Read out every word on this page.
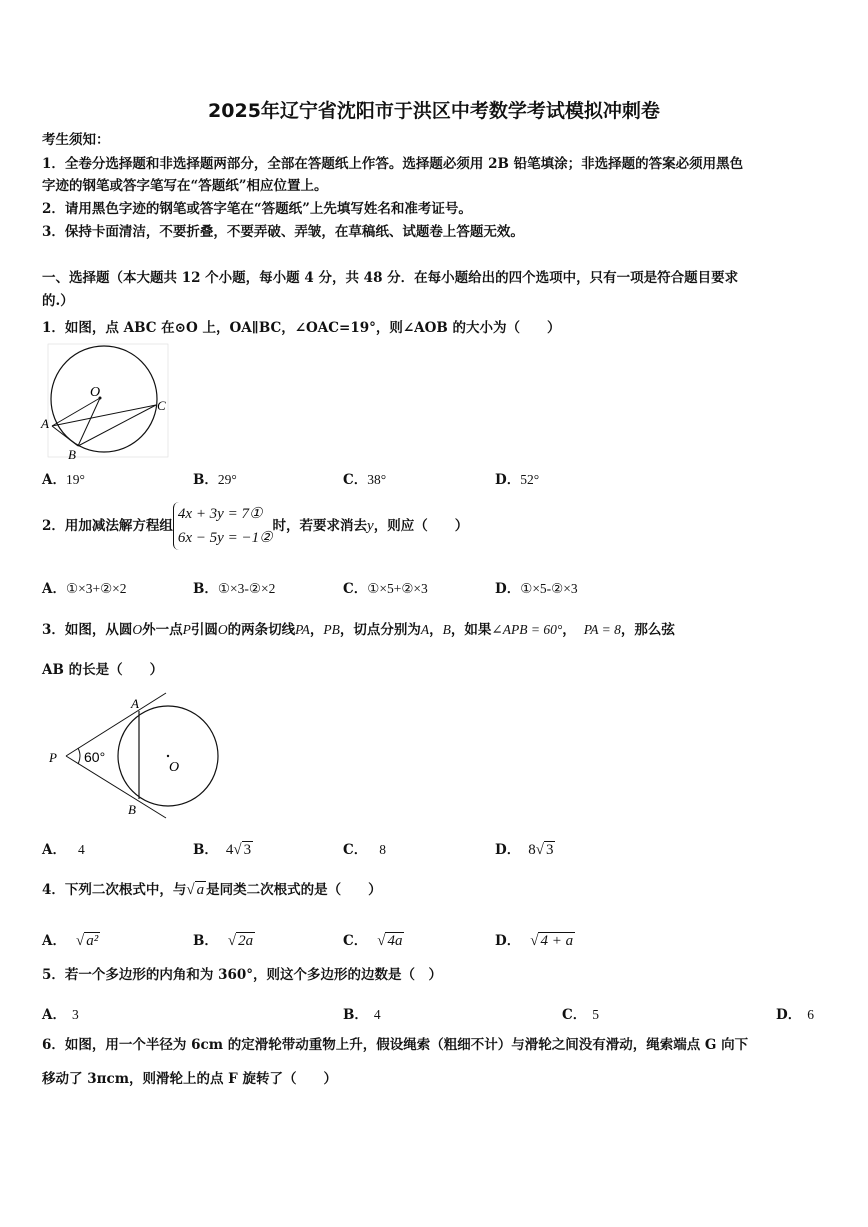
2025年辽宁省沈阳市于洪区中考数学考试模拟冲刺卷
考生须知：
1．全卷分选择题和非选择题两部分，全部在答题纸上作答。选择题必须用 2B 铅笔填涂；非选择题的答案必须用黑色
字迹的钢笔或答字笔写在“答题纸”相应位置上。
2．请用黑色字迹的钢笔或答字笔在“答题纸”上先填写姓名和准考证号。
3．保持卡面清洁，不要折叠，不要弄破、弄皱，在草稿纸、试题卷上答题无效。
一、选择题（本大题共 12 个小题，每小题 4 分，共 48 分．在每小题给出的四个选项中，只有一项是符合题目要求
的.）
1．如图，点 ABC 在⊙O 上，OA∥BC，∠OAC=19°，则∠AOB 的大小为（　　）
O
A
B
C
A．19°	B．29°	C．38°	D．52°
2．用加减法解方程组
4x + 3y = 7①
6x − 5y = −1②
时，若要求消去y，则应（　　）
A．①×3+②×2	B．①×3-②×2	C．①×5+②×3	D．①×5-②×3
3．如图，从圆O外一点P引圆O的两条切线PA，PB，切点分别为A，B，如果∠APB = 60°， PA = 8，那么弦
AB 的长是（　　）
A
B
P
O
60°
A． 4	B． 4√ 3	C． 8	D． 8√ 3
4．下列二次根式中，与√ a 是同类二次根式的是（　　）
A． √ a²	B． √ 2a	C． √ 4a	D． √ 4 + a
5．若一个多边形的内角和为 360°，则这个多边形的边数是（　）
A． 3	B． 4	C． 5	D． 6
6．如图，用一个半径为 6cm 的定滑轮带动重物上升，假设绳索（粗细不计）与滑轮之间没有滑动，绳索端点 G 向下
移动了 3πcm，则滑轮上的点 F 旋转了（　　）
